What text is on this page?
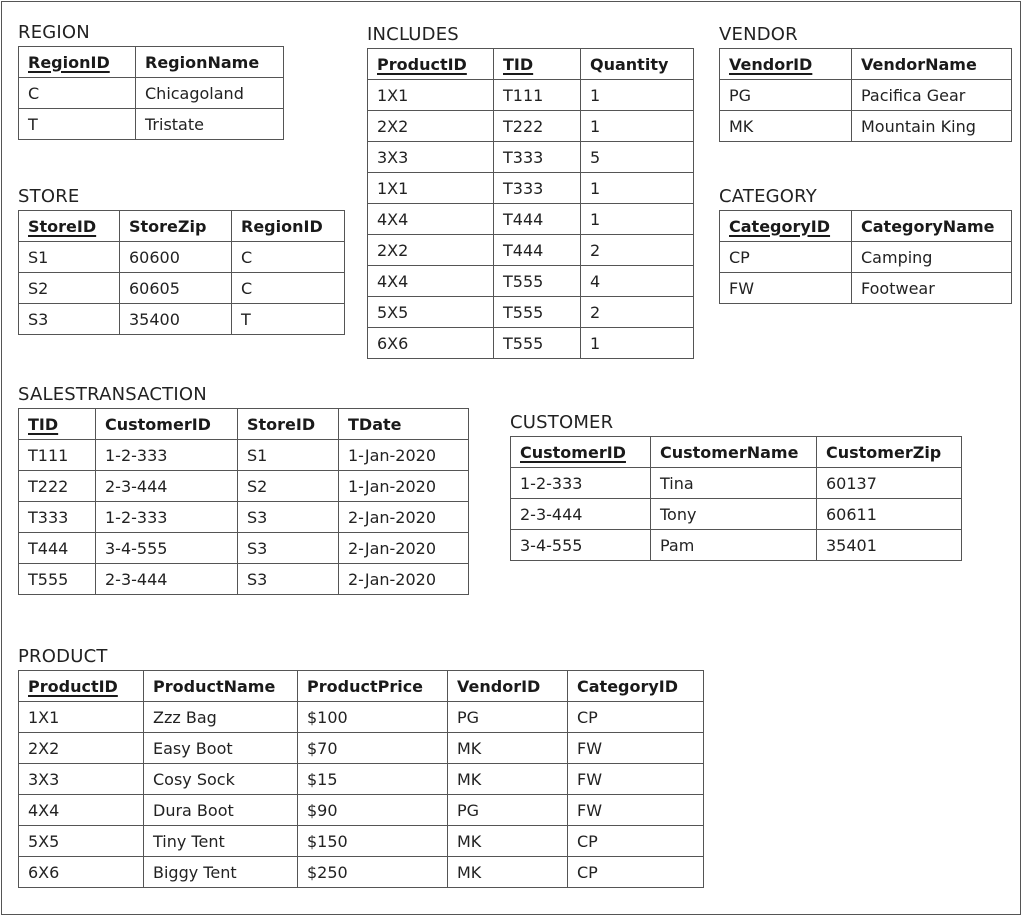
REGION
RegionID	RegionName
C	Chicagoland
T	Tristate
INCLUDES
ProductID	TID	Quantity
1X1	T111	1
2X2	T222	1
3X3	T333	5
1X1	T333	1
4X4	T444	1
2X2	T444	2
4X4	T555	4
5X5	T555	2
6X6	T555	1
VENDOR
VendorID	VendorName
PG	Pacifica Gear
MK	Mountain King
STORE
StoreID	StoreZip	RegionID
S1	60600	C
S2	60605	C
S3	35400	T
CATEGORY
CategoryID	CategoryName
CP	Camping
FW	Footwear
SALESTRANSACTION
TID	CustomerID	StoreID	TDate
T111	1-2-333	S1	1-Jan-2020
T222	2-3-444	S2	1-Jan-2020
T333	1-2-333	S3	2-Jan-2020
T444	3-4-555	S3	2-Jan-2020
T555	2-3-444	S3	2-Jan-2020
CUSTOMER
CustomerID	CustomerName	CustomerZip
1-2-333	Tina	60137
2-3-444	Tony	60611
3-4-555	Pam	35401
PRODUCT
ProductID	ProductName	ProductPrice	VendorID	CategoryID
1X1	Zzz Bag	$100	PG	CP
2X2	Easy Boot	$70	MK	FW
3X3	Cosy Sock	$15	MK	FW
4X4	Dura Boot	$90	PG	FW
5X5	Tiny Tent	$150	MK	CP
6X6	Biggy Tent	$250	MK	CP
